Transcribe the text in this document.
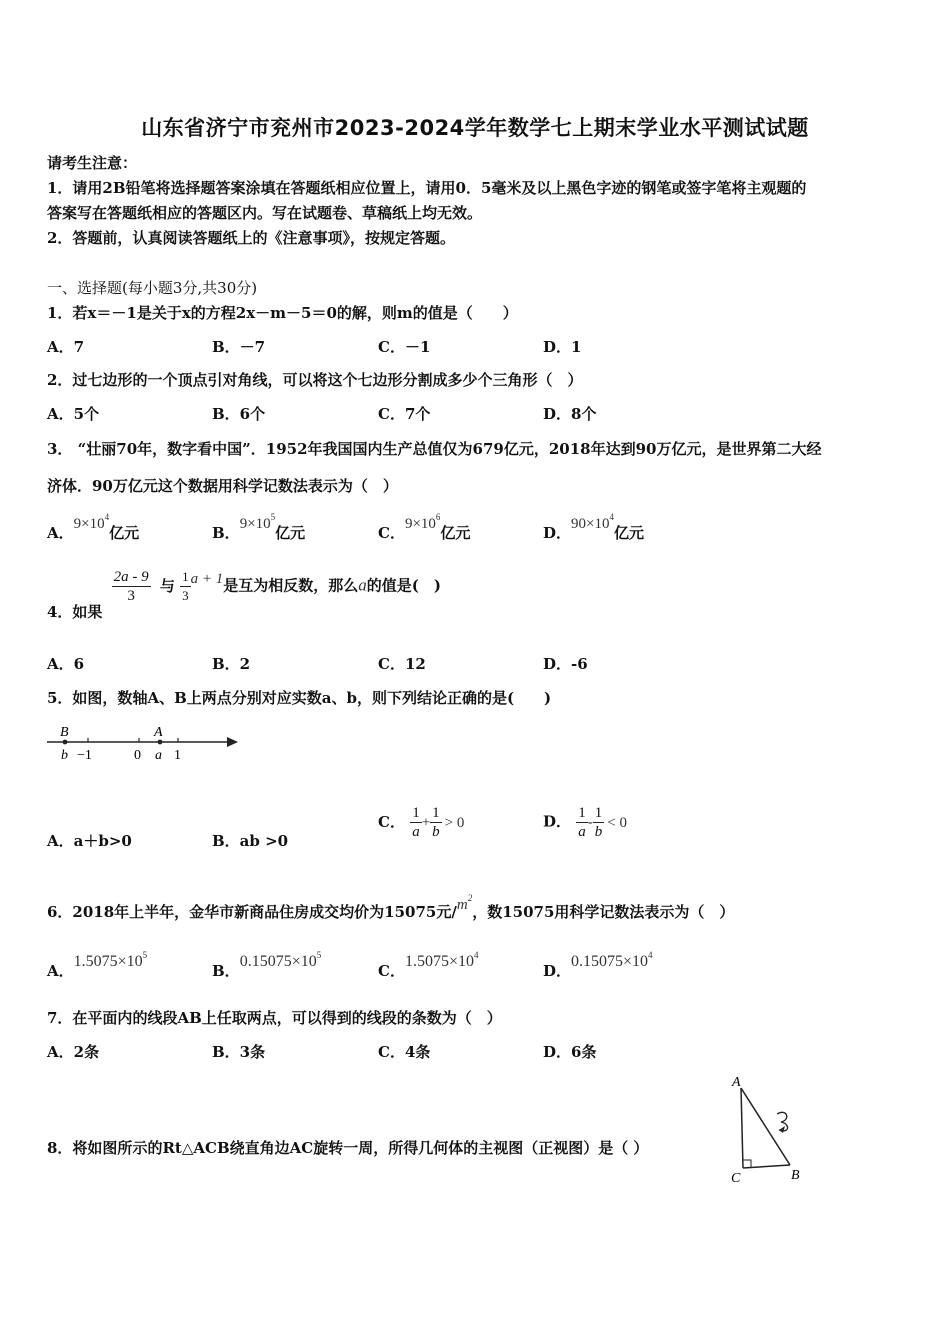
山东省济宁市兖州市2023-2024学年数学七上期末学业水平测试试题
请考生注意：
1．请用2B铅笔将选择题答案涂填在答题纸相应位置上，请用0．5毫米及以上黑色字迹的钢笔或签字笔将主观题的
答案写在答题纸相应的答题区内。写在试题卷、草稿纸上均无效。
2．答题前，认真阅读答题纸上的《注意事项》，按规定答题。
一、选择题(每小题3分,共30分)
1．若x＝－1是关于x的方程2x－m－5＝0的解，则m的值是（　　）
A．7	B．－7	C．－1	D．1
2．过七边形的一个顶点引对角线，可以将这个七边形分割成多少个三角形（　）
A．5个	B．6个	C．7个	D．8个
3． “壮丽70年，数字看中国”．1952年我国国内生产总值仅为679亿元，2018年达到90万亿元，是世界第二大经
济体．90万亿元这个数据用科学记数法表示为（　）
A．$9\times 10^4$亿元	B．$9\times 10^5$亿元	C．$9\times 10^6$亿元	D．$90\times 10^4$亿元
4．如果
$\frac{2a - 9}{3}$ 与 $\frac{1}{3}$ a + 1是互为相反数，那么a的值是(　)
A．6	B．2	C．12	D．-6
5．如图，数轴A、B上两点分别对应实数a、b，则下列结论正确的是(　　)
B
b −1	0
A
a 1
A．a＋b>0	B．ab >0
C． $\frac{1}{a} + \frac{1}{b} > 0$	D． $\frac{1}{a} - \frac{1}{b} < 0$
6．2018年上半年，金华市新商品住房成交均价为15075元$/m^2$，数15075用科学记数法表示为（　）
A．$1.5075\times 10^5$
B．$0.15075\times 10^5$
C．$1.5075\times 10^4$
D．$0.15075\times 10^4$
7．在平面内的线段AB上任取两点，可以得到的线段的条数为（　）
A．2条	B．3条	C．4条	D．6条
8．将如图所示的Rt△ACB绕直角边AC旋转一周，所得几何体的主视图（正视图）是（ ）
A
C	B
